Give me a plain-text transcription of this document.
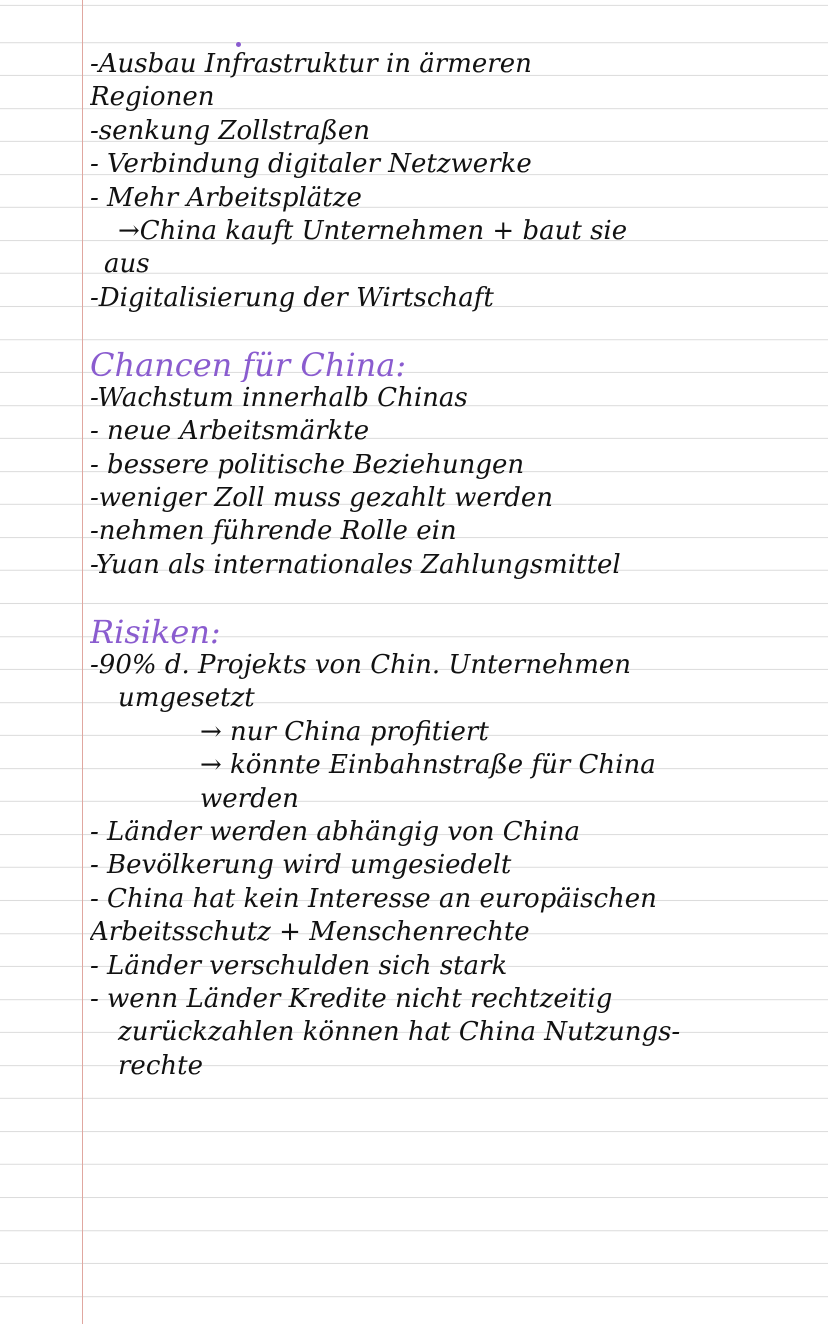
-Ausbau Infrastruktur in ärmeren
Regionen
-senkung Zollstraßen
- Verbindung digitaler Netzwerke
- Mehr Arbeitsplätze
→China kauft Unternehmen + baut sie
aus
-Digitalisierung der Wirtschaft
Chancen für China:
-Wachstum innerhalb Chinas
- neue Arbeitsmärkte
- bessere politische Beziehungen
-weniger Zoll muss gezahlt werden
-nehmen führende Rolle ein
-Yuan als internationales Zahlungsmittel
Risiken:
-90% d. Projekts von Chin. Unternehmen
umgesetzt
→ nur China profitiert
→ könnte Einbahnstraße für China
werden
- Länder werden abhängig von China
- Bevölkerung wird umgesiedelt
- China hat kein Interesse an europäischen
Arbeitsschutz + Menschenrechte
- Länder verschulden sich stark
- wenn Länder Kredite nicht rechtzeitig
zurückzahlen können hat China Nutzungs-
rechte
